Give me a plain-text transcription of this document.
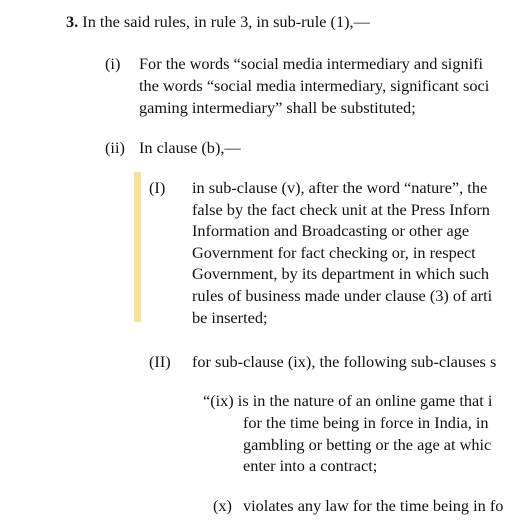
3. In the said rules, in rule 3, in sub-rule (1),—
(i) For the words “social media intermediary and signifi
the words “social media intermediary, significant soci
gaming intermediary” shall be substituted;
(ii) In clause (b),—
(I) in sub-clause (v), after the word “nature”, the
false by the fact check unit at the Press Inforn
Information and Broadcasting or other age
Government for fact checking or, in respect
Government, by its department in which such
rules of business made under clause (3) of arti
be inserted;
(II) for sub-clause (ix), the following sub-clauses s
“(ix) is in the nature of an online game that i
for the time being in force in India, in
gambling or betting or the age at whic
enter into a contract;
(x) violates any law for the time being in fo
